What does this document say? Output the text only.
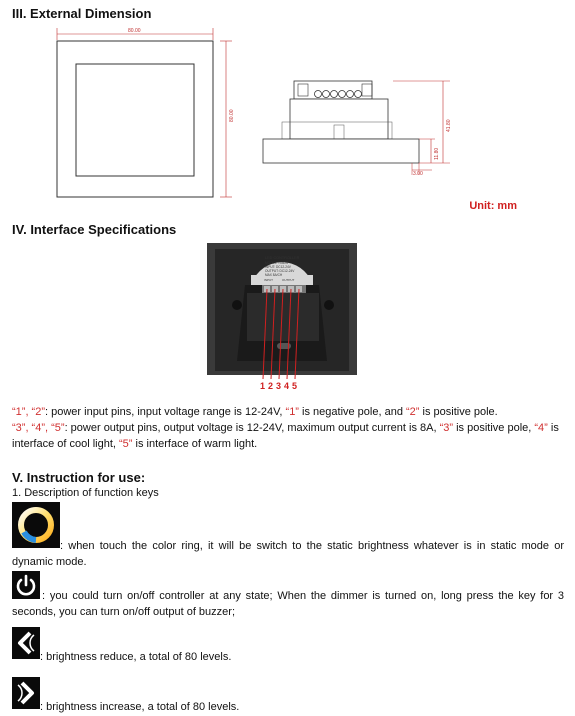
III. External Dimension
80.00
80.00
41.80
11.80
3.00
Unit: mm
IV. Interface Specifications
LED CONTROLLER
MODEL: T04DS
INPUT: DC12-24V
OUTPUT: DC12-24V
MAX 8A/CH
INPUT	OUTPUT
1 2 3 4 5
“1”, “2”: power input pins, input voltage range is 12-24V, “1” is negative pole, and “2” is positive pole.
“3”, “4”, “5”: power output pins, output voltage is 12-24V, maximum output current is 8A, “3” is positive pole, “4” is interface of cool light, “5” is interface of warm light.
V. Instruction for use:
1. Description of function keys
: when touch the color ring, it will be switch to the static brightness whatever is in static mode or dynamic mode.
: you could turn on/off controller at any state; When the dimmer is turned on, long press the key for 3 seconds, you can turn on/off output of buzzer;
: brightness reduce, a total of 80 levels.
: brightness increase, a total of 80 levels.
